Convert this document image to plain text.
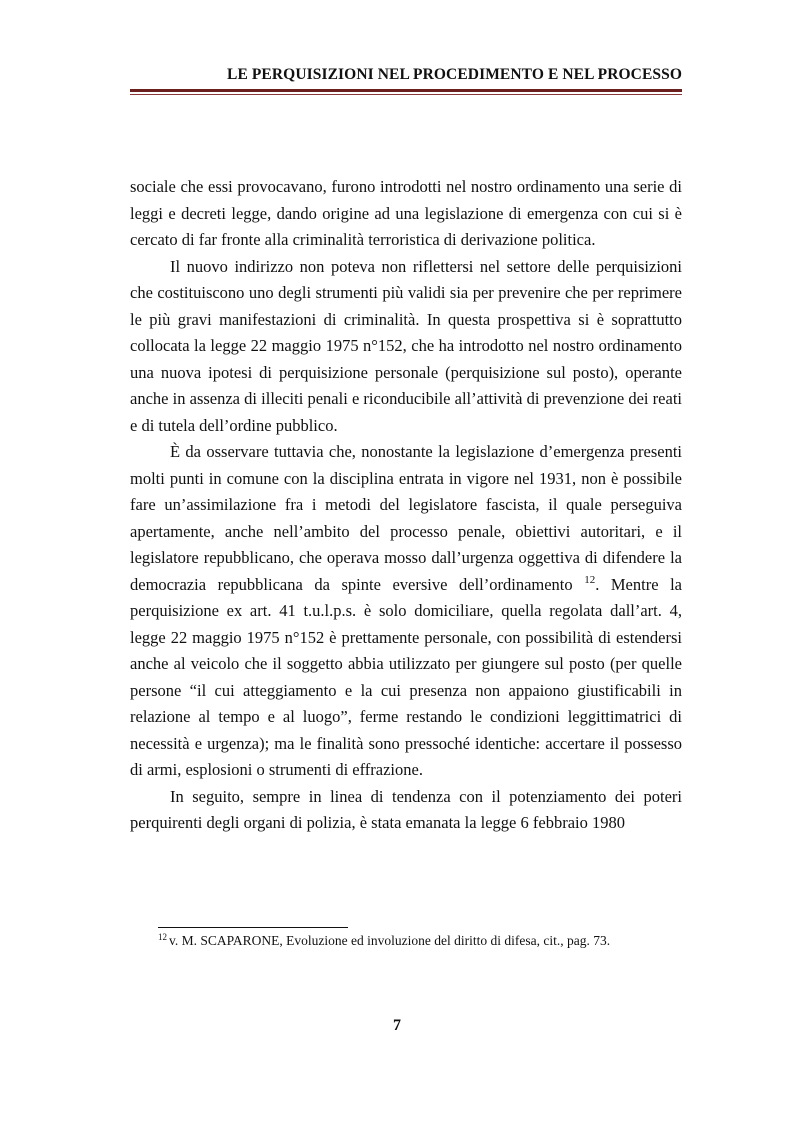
LE PERQUISIZIONI NEL PROCEDIMENTO E NEL PROCESSO

sociale che essi provocavano, furono introdotti nel nostro ordinamento una serie di leggi e decreti legge, dando origine ad una legislazione di emergenza con cui si è cercato di far fronte alla criminalità terroristica di derivazione politica.

Il nuovo indirizzo non poteva non riflettersi nel settore delle perquisizioni che costituiscono uno degli strumenti più validi sia per prevenire che per reprimere le più gravi manifestazioni di criminalità. In questa prospettiva si è soprattutto collocata la legge 22 maggio 1975 n°152, che ha introdotto nel nostro ordinamento una nuova ipotesi di perquisizione personale (perquisizione sul posto), operante anche in assenza di illeciti penali e riconducibile all’attività di prevenzione dei reati e di tutela dell’ordine pubblico.

È da osservare tuttavia che, nonostante la legislazione d’emergenza presenti molti punti in comune con la disciplina entrata in vigore nel 1931, non è possibile fare un’assimilazione fra i metodi del legislatore fascista, il quale perseguiva apertamente, anche nell’ambito del processo penale, obiettivi autoritari, e il legislatore repubblicano, che operava mosso dall’urgenza oggettiva di difendere la democrazia repubblicana da spinte eversive dell’ordinamento $^{12}$. Mentre la perquisizione ex art. 41 t.u.l.p.s. è solo domiciliare, quella regolata dall’art. 4, legge 22 maggio 1975 n°152 è prettamente personale, con possibilità di estendersi anche al veicolo che il soggetto abbia utilizzato per giungere sul posto (per quelle persone “il cui atteggiamento e la cui presenza non appaiono giustificabili in relazione al tempo e al luogo”, ferme restando le condizioni leggittimatrici di necessità e urgenza); ma le finalità sono pressoché identiche: accertare il possesso di armi, esplosioni o strumenti di effrazione.

In seguito, sempre in linea di tendenza con il potenziamento dei poteri perquirenti degli organi di polizia, è stata emanata la legge 6 febbraio 1980

$^{12}$ v. M. SCAPARONE, Evoluzione ed involuzione del diritto di difesa, cit., pag. 73.
7
